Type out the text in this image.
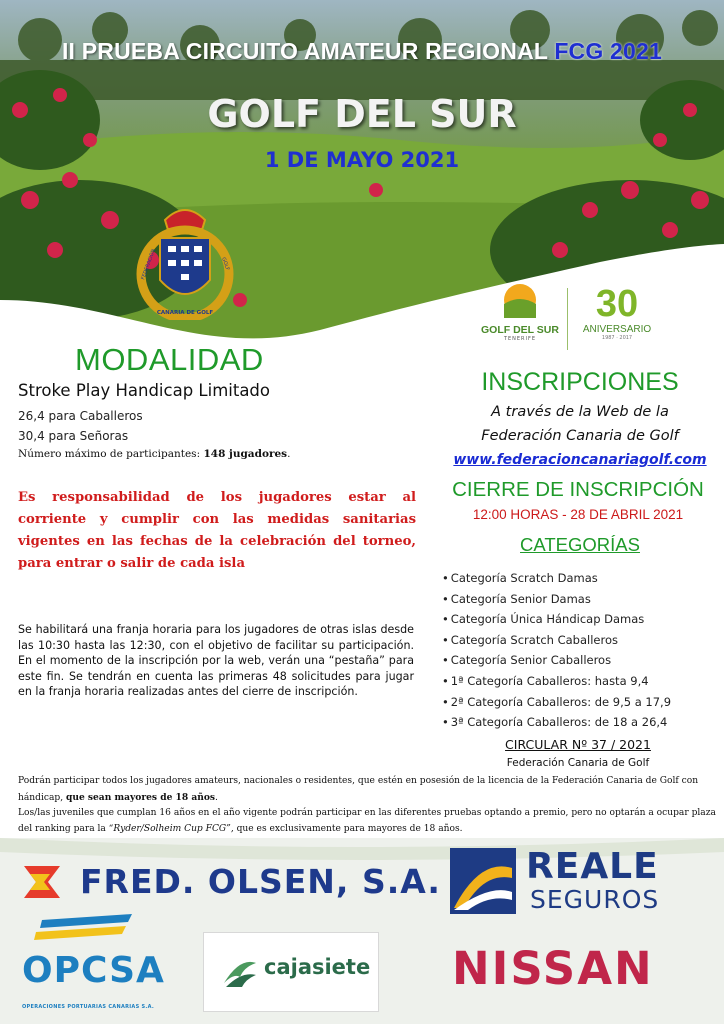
II PRUEBA CIRCUITO AMATEUR REGIONAL FCG 2021
GOLF DEL SUR
1 DE MAYO 2021
FEDERACION	GOLF
CANARIA DE GOLF
GOLF DEL SUR
TENERIFE
30
ANIVERSARIO
1987 · 2017
MODALIDAD
Stroke Play Handicap Limitado
26,4 para Caballeros
30,4 para Señoras
Número máximo de participantes: 148 jugadores.
Es responsabilidad de los jugadores estar al corriente y cumplir con las medidas sanitarias vigentes en las fechas de la celebración del torneo, para entrar o salir de cada isla
Se habilitará una franja horaria para los jugadores de otras islas desde las 10:30 hasta las 12:30, con el objetivo de facilitar su participación. En el momento de la inscripción por la web, verán una “pestaña” para este fin. Se tendrán en cuenta las primeras 48 solicitudes para jugar en la franja horaria realizadas antes del cierre de inscripción.
INSCRIPCIONES
A través de la Web de la
Federación Canaria de Golf
www.federacioncanariagolf.com
CIERRE DE INSCRIPCIÓN
12:00 HORAS - 28 DE ABRIL 2021
CATEGORÍAS
• Categoría Scratch Damas
• Categoría Senior Damas
• Categoría Única Hándicap Damas
• Categoría Scratch Caballeros
• Categoría Senior Caballeros
• 1ª Categoría Caballeros: hasta 9,4
• 2ª Categoría Caballeros: de 9,5 a 17,9
• 3ª Categoría Caballeros: de 18 a 26,4
CIRCULAR Nº 37 / 2021
Federación Canaria de Golf
Podrán participar todos los jugadores amateurs, nacionales o residentes, que estén en posesión de la licencia de la Federación Canaria de Golf con hándicap, que sean mayores de 18 años.
Los/las juveniles que cumplan 16 años en el año vigente podrán participar en las diferentes pruebas optando a premio, pero no optarán a ocupar plaza del ranking para la “Ryder/Solheim Cup FCG”, que es exclusivamente para mayores de 18 años.
FRED. OLSEN, S.A. REALE
SEGUROS
OPCSA
OPERACIONES PORTUARIAS CANARIAS S.A.
cajasiete NISSAN
